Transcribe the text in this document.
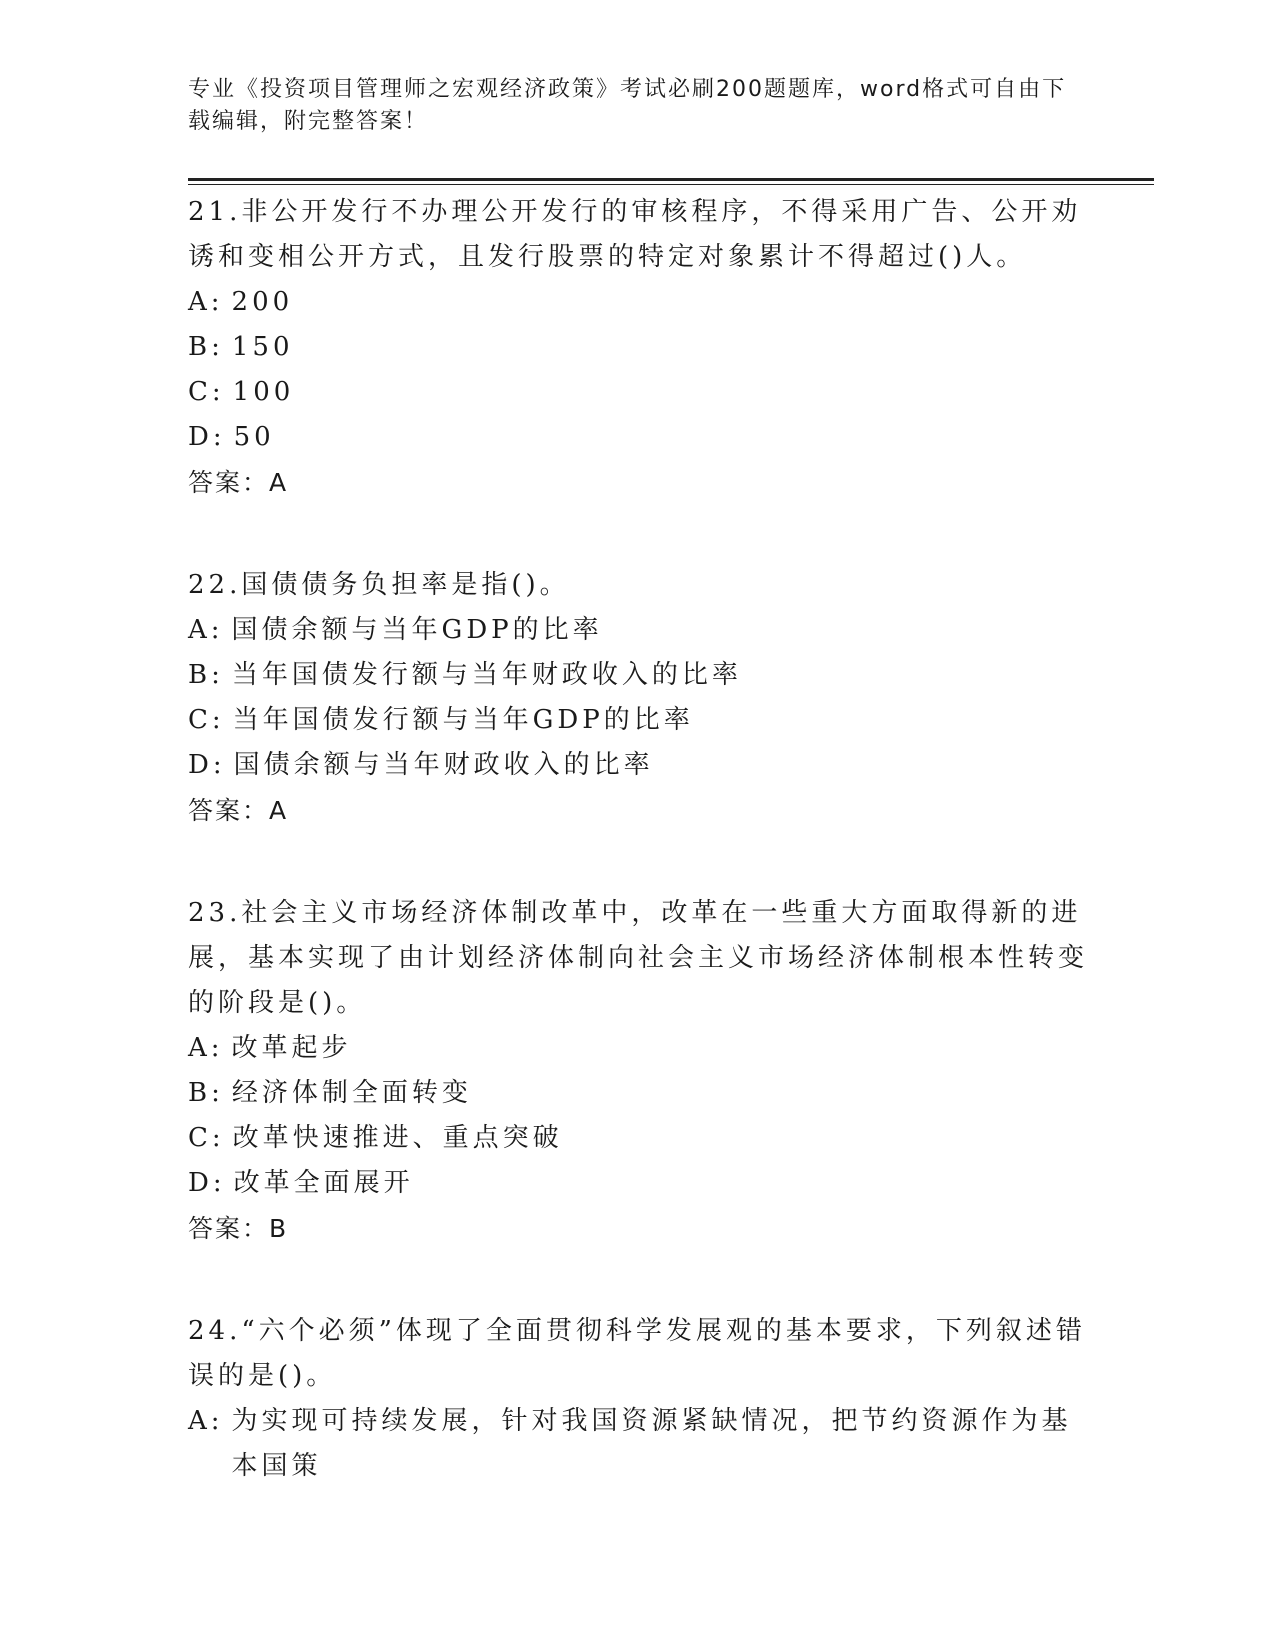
专业《投资项目管理师之宏观经济政策》考试必刷200题题库，word格式可自由下载编辑，附完整答案！

21.非公开发行不办理公开发行的审核程序，不得采用广告、公开劝诱和变相公开方式，且发行股票的特定对象累计不得超过()人。

A: 200

B: 150

C: 100

D: 50

答案：A

22.国债债务负担率是指()。

A: 国债余额与当年GDP的比率

B: 当年国债发行额与当年财政收入的比率

C: 当年国债发行额与当年GDP的比率

D: 国债余额与当年财政收入的比率

答案：A

23.社会主义市场经济体制改革中，改革在一些重大方面取得新的进展，基本实现了由计划经济体制向社会主义市场经济体制根本性转变的阶段是()。

A: 改革起步

B: 经济体制全面转变

C: 改革快速推进、重点突破

D: 改革全面展开

答案：B

24.“六个必须”体现了全面贯彻科学发展观的基本要求，下列叙述错误的是()。

A: 为实现可持续发展，针对我国资源紧缺情况，把节约资源作为基本国策
